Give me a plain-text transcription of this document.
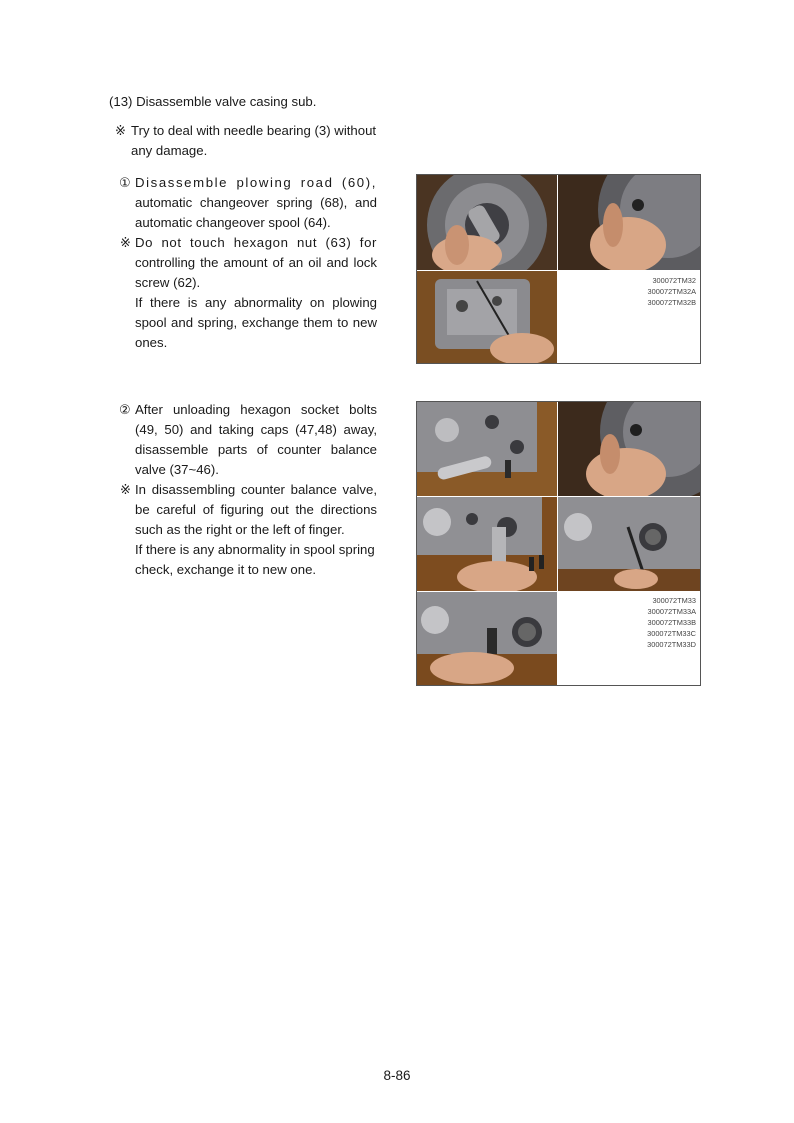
(13) Disassemble valve casing sub.
※ Try to deal with needle bearing (3) without
any damage.
① Disassemble plowing road (60),
automatic changeover spring (68), and
automatic changeover spool (64).
※ Do not touch hexagon nut (63) for
controlling the amount of an oil and lock
screw (62).
If there is any abnormality on plowing
spool and spring, exchange them to new
ones.
300072TM32
300072TM32A
300072TM32B
② After unloading hexagon socket bolts
(49, 50) and taking caps (47,48) away,
disassemble parts of counter balance
valve (37~46).
※ In disassembling counter balance valve,
be careful of figuring out the directions
such as the right or the left of finger.
If there is any abnormality in spool spring
check, exchange it to new one.
300072TM33
300072TM33A
300072TM33B
300072TM33C
300072TM33D
8-86
